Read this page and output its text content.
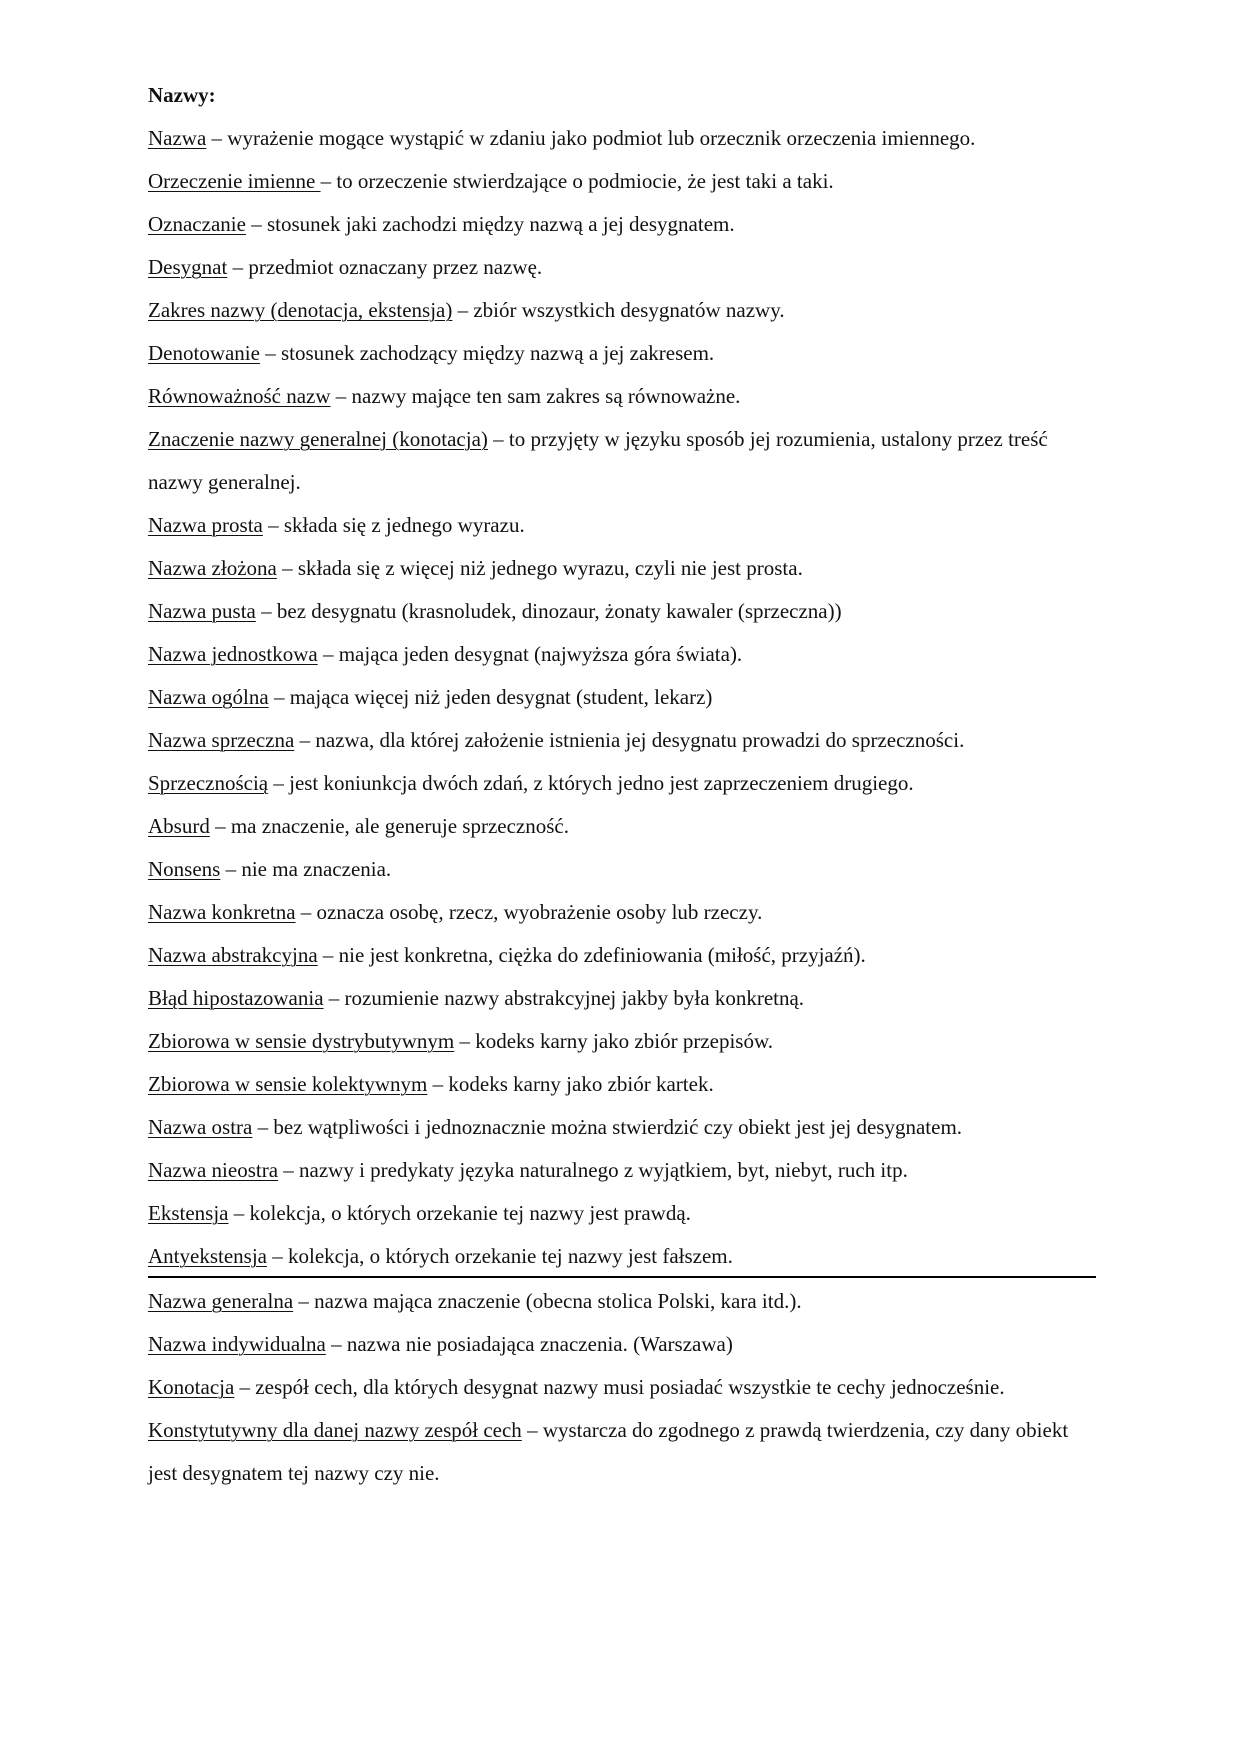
Nazwy:

Nazwa – wyrażenie mogące wystąpić w zdaniu jako podmiot lub orzecznik orzeczenia imiennego.

Orzeczenie imienne – to orzeczenie stwierdzające o podmiocie, że jest taki a taki.

Oznaczanie – stosunek jaki zachodzi między nazwą a jej desygnatem.

Desygnat – przedmiot oznaczany przez nazwę.

Zakres nazwy (denotacja, ekstensja) – zbiór wszystkich desygnatów nazwy.

Denotowanie – stosunek zachodzący między nazwą a jej zakresem.

Równoważność nazw – nazwy mające ten sam zakres są równoważne.

Znaczenie nazwy generalnej (konotacja) – to przyjęty w języku sposób jej rozumienia, ustalony przez treść nazwy generalnej.

Nazwa prosta – składa się z jednego wyrazu.

Nazwa złożona – składa się z więcej niż jednego wyrazu, czyli nie jest prosta.

Nazwa pusta – bez desygnatu (krasnoludek, dinozaur, żonaty kawaler (sprzeczna))

Nazwa jednostkowa – mająca jeden desygnat (najwyższa góra świata).

Nazwa ogólna – mająca więcej niż jeden desygnat (student, lekarz)

Nazwa sprzeczna – nazwa, dla której założenie istnienia jej desygnatu prowadzi do sprzeczności.

Sprzecznością – jest koniunkcja dwóch zdań, z których jedno jest zaprzeczeniem drugiego.

Absurd – ma znaczenie, ale generuje sprzeczność.

Nonsens – nie ma znaczenia.

Nazwa konkretna – oznacza osobę, rzecz, wyobrażenie osoby lub rzeczy.

Nazwa abstrakcyjna – nie jest konkretna, ciężka do zdefiniowania (miłość, przyjaźń).

Błąd hipostazowania – rozumienie nazwy abstrakcyjnej jakby była konkretną.

Zbiorowa w sensie dystrybutywnym – kodeks karny jako zbiór przepisów.

Zbiorowa w sensie kolektywnym – kodeks karny jako zbiór kartek.

Nazwa ostra – bez wątpliwości i jednoznacznie można stwierdzić czy obiekt jest jej desygnatem.

Nazwa nieostra – nazwy i predykaty języka naturalnego z wyjątkiem, byt, niebyt, ruch itp.

Ekstensja – kolekcja, o których orzekanie tej nazwy jest prawdą.

Antyekstensja – kolekcja, o których orzekanie tej nazwy jest fałszem.

Nazwa generalna – nazwa mająca znaczenie (obecna stolica Polski, kara itd.).

Nazwa indywidualna – nazwa nie posiadająca znaczenia. (Warszawa)

Konotacja – zespół cech, dla których desygnat nazwy musi posiadać wszystkie te cechy jednocześnie.

Konstytutywny dla danej nazwy zespół cech – wystarcza do zgodnego z prawdą twierdzenia, czy dany obiekt jest desygnatem tej nazwy czy nie.
